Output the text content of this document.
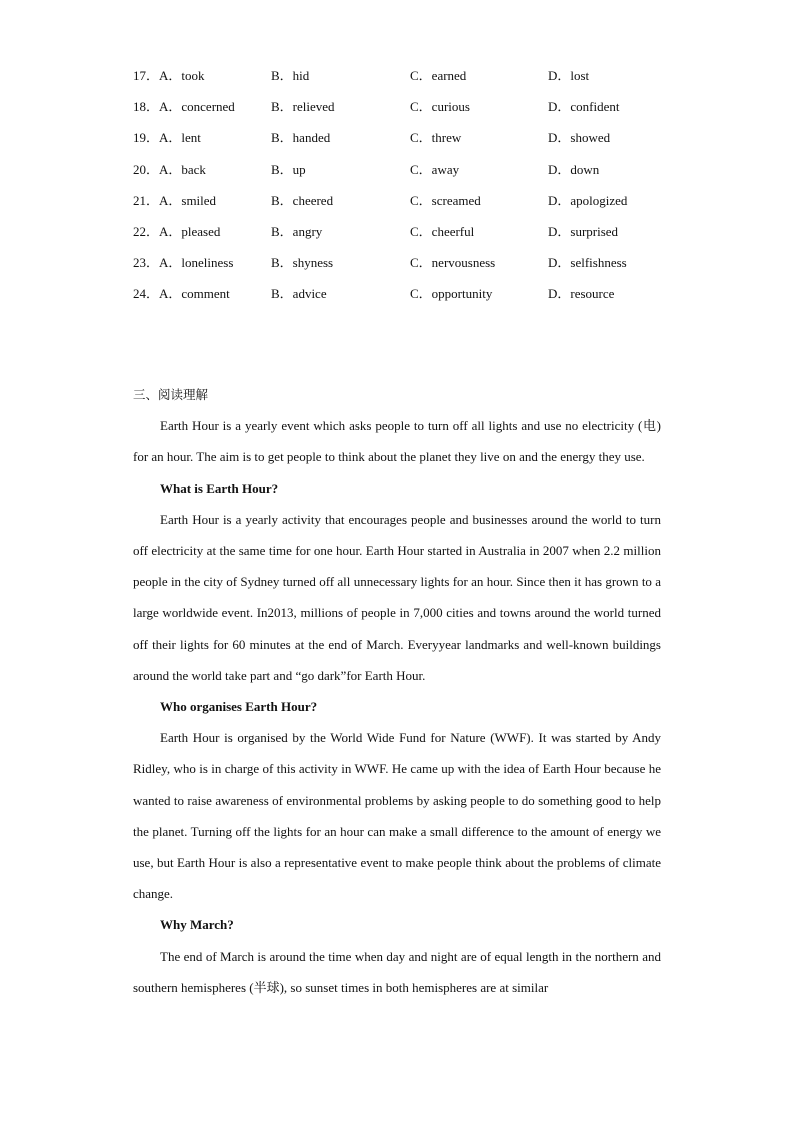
17．A．took	B．hid	C．earned	D．lost
18．A．concerned	B．relieved	C．curious	D．confident
19．A．lent	B．handed	C．threw	D．showed
20．A．back	B．up	C．away	D．down
21．A．smiled	B．cheered	C．screamed	D．apologized
22．A．pleased	B．angry	C．cheerful	D．surprised
23．A．loneliness	B．shyness	C．nervousness	D．selfishness
24．A．comment	B．advice	C．opportunity	D．resource

三、阅读理解

Earth Hour is a yearly event which asks people to turn off all lights and use no electricity (电) for an hour. The aim is to get people to think about the planet they live on and the energy they use.

What is Earth Hour?

Earth Hour is a yearly activity that encourages people and businesses around the world to turn off electricity at the same time for one hour. Earth Hour started in Australia in 2007 when 2.2 million people in the city of Sydney turned off all unnecessary lights for an hour. Since then it has grown to a large worldwide event. In2013, millions of people in 7,000 cities and towns around the world turned off their lights for 60 minutes at the end of March. Everyyear landmarks and well-known buildings around the world take part and “go dark”for Earth Hour.

Who organises Earth Hour?

Earth Hour is organised by the World Wide Fund for Nature (WWF). It was started by Andy Ridley, who is in charge of this activity in WWF. He came up with the idea of Earth Hour because he wanted to raise awareness of environmental problems by asking people to do something good to help the planet. Turning off the lights for an hour can make a small difference to the amount of energy we use, but Earth Hour is also a representative event to make people think about the problems of climate change.

Why March?

The end of March is around the time when day and night are of equal length in the northern and southern hemispheres (半球), so sunset times in both hemispheres are at similar
